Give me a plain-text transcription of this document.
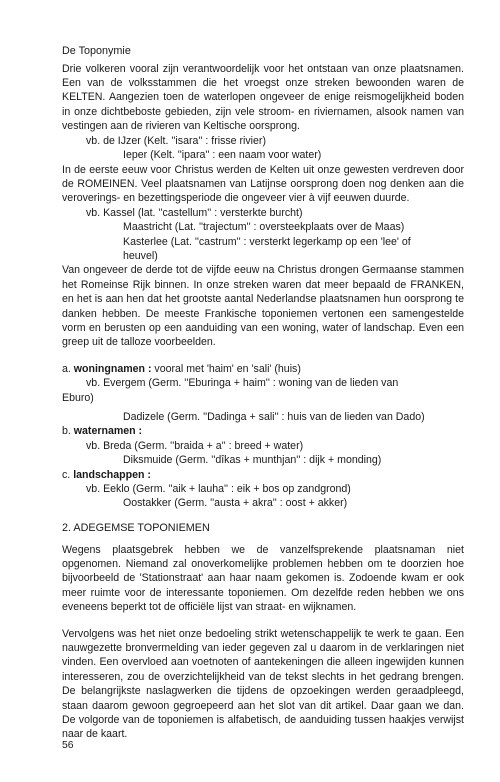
De Toponymie

Drie volkeren vooral zijn verantwoordelijk voor het ontstaan van onze plaatsnamen. Een van de volksstammen die het vroegst onze streken bewoonden waren de KELTEN. Aangezien toen de waterlopen ongeveer de enige reismogelijkheid boden in onze dichtbeboste gebieden, zijn vele stroom- en riviernamen, alsook namen van vestingen aan de rivieren van Keltische oorsprong.

vb. de IJzer (Kelt. ''isara'' : frisse rivier)
Ieper (Kelt. ''ipara'' : een naam voor water)

In de eerste eeuw voor Christus werden de Kelten uit onze gewesten verdreven door de ROMEINEN. Veel plaatsnamen van Latijnse oorsprong doen nog denken aan die veroverings- en bezettingsperiode die ongeveer vier à vijf eeuwen duurde.

vb. Kassel (lat. ''castellum'' : versterkte burcht)
Maastricht (Lat. ''trajectum'' : oversteekplaats over de Maas)
Kasterlee (Lat. ''castrum'' : versterkt legerkamp op een 'lee' of
heuvel)

Van ongeveer de derde tot de vijfde eeuw na Christus drongen Germaanse stammen het Romeinse Rijk binnen. In onze streken waren dat meer bepaald de FRANKEN, en het is aan hen dat het grootste aantal Nederlandse plaatsnamen hun oorsprong te danken hebben. De meeste Frankische toponiemen vertonen een samengestelde vorm en berusten op een aanduiding van een woning, water of landschap. Even een greep uit de talloze voorbeelden.

a. woningnamen : vooral met 'haim' en 'sali' (huis)
vb. Evergem (Germ. ''Eburinga + haim'' : woning van de lieden van
Eburo)
Dadizele (Germ. ''Dadinga + sali'' : huis van de lieden van Dado)
b. waternamen :
vb. Breda (Germ. ''braida + a'' : breed + water)
Diksmuide (Germ. ''dîkas + munthjan'' : dijk + monding)
c. landschappen :
vb. Eeklo (Germ. ''aik + lauha'' : eik + bos op zandgrond)
Oostakker (Germ. ''austa + akra'' : oost + akker)
2. ADEGEMSE TOPONIEMEN

Wegens plaatsgebrek hebben we de vanzelfsprekende plaatsnaman niet opgenomen. Niemand zal onoverkomelijke problemen hebben om te doorzien hoe bijvoorbeeld de 'Stationstraat' aan haar naam gekomen is. Zodoende kwam er ook meer ruimte voor de interessante toponiemen. Om dezelfde reden hebben we ons eveneens beperkt tot de officiële lijst van straat- en wijknamen.

Vervolgens was het niet onze bedoeling strikt wetenschappelijk te werk te gaan. Een nauwgezette bronvermelding van ieder gegeven zal u daarom in de verklaringen niet vinden. Een overvloed aan voetnoten of aantekeningen die alleen ingewijden kunnen interesseren, zou de overzichtelijkheid van de tekst slechts in het gedrang brengen. De belangrijkste naslagwerken die tijdens de opzoekingen werden geraadpleegd, staan daarom gewoon gegroepeerd aan het slot van dit artikel. Daar gaan we dan. De volgorde van de toponiemen is alfabetisch, de aanduiding tussen haakjes verwijst naar de kaart.

56
